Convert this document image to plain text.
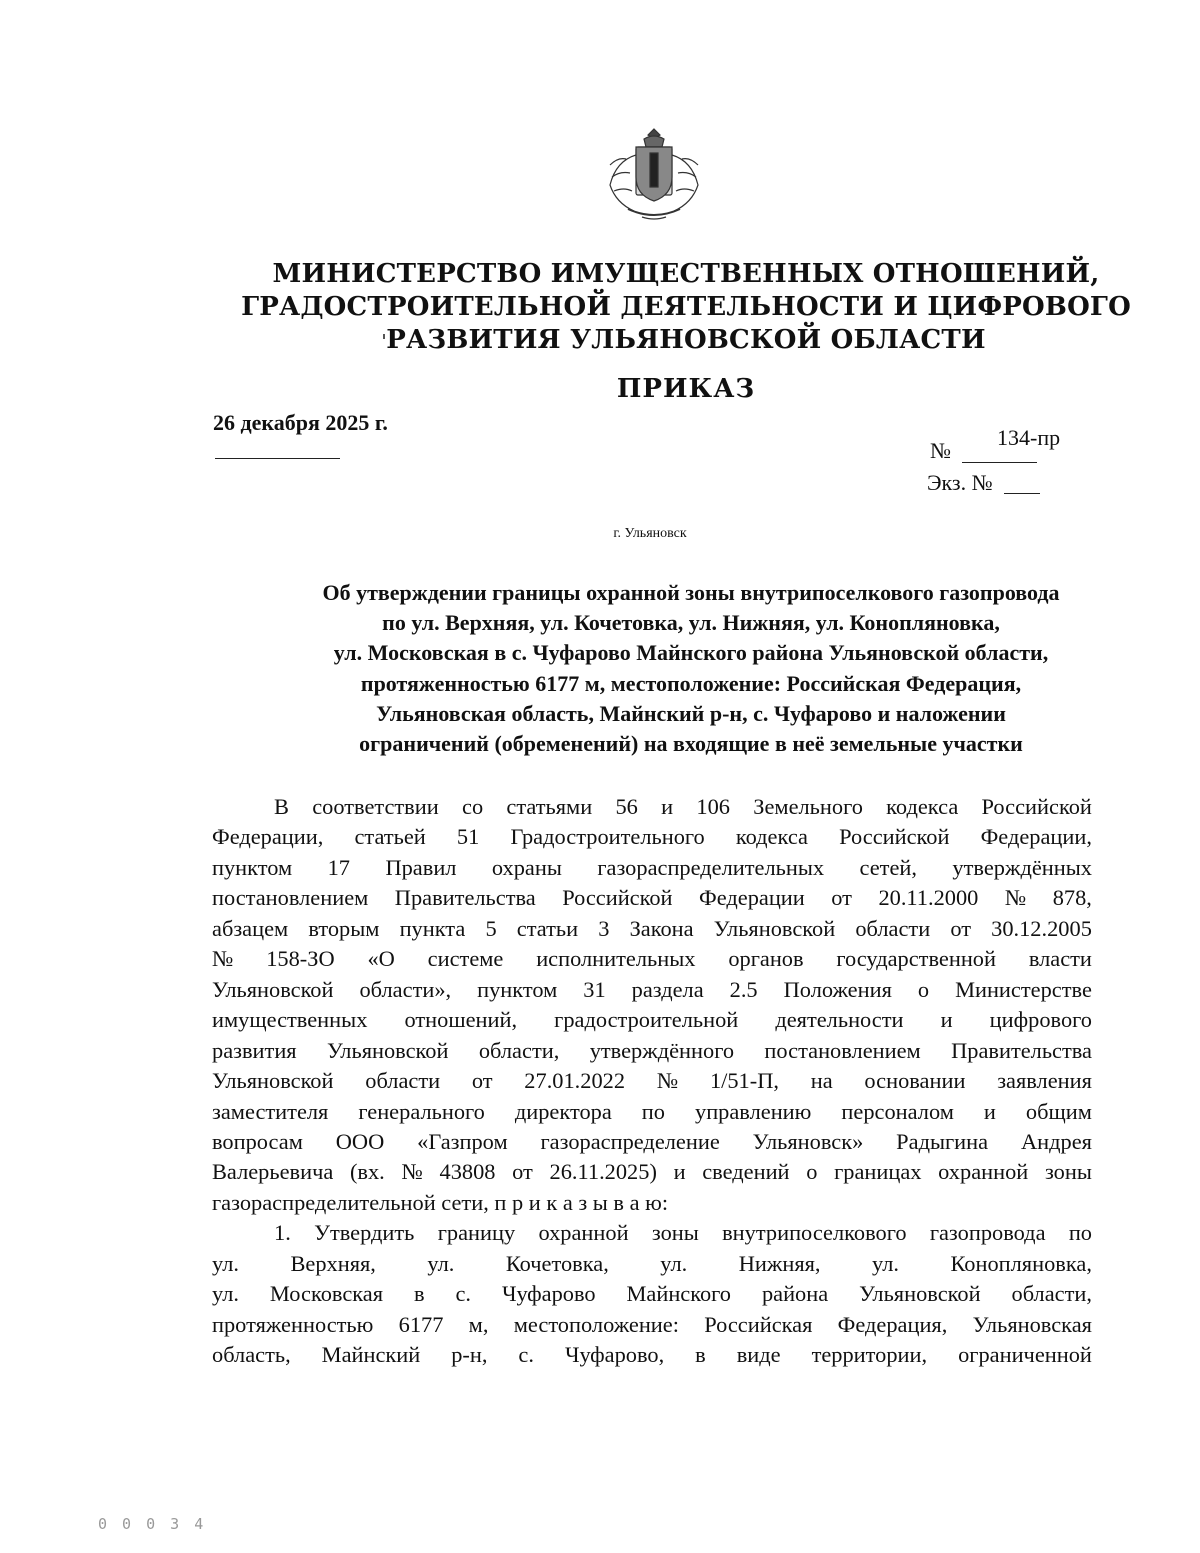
МИНИСТЕРСТВО ИМУЩЕСТВЕННЫХ ОТНОШЕНИЙ,
ГРАДОСТРОИТЕЛЬНОЙ ДЕЯТЕЛЬНОСТИ И ЦИФРОВОГО
РАЗВИТИЯ УЛЬЯНОВСКОЙ ОБЛАСТИ
ПРИКАЗ
26 декабря 2025 г.
№
134-пр
Экз. №
г. Ульяновск
Об утверждении границы охранной зоны внутрипоселкового газопровода
по ул. Верхняя, ул. Кочетовка, ул. Нижняя, ул. Конопляновка,
ул. Московская в с. Чуфарово Майнского района Ульяновской области,
протяженностью 6177 м, местоположение: Российская Федерация,
Ульяновская область, Майнский р-н, с. Чуфарово и наложении
ограничений (обременений) на входящие в неё земельные участки
В соответствии со статьями 56 и 106 Земельного кодекса Российской
Федерации, статьей 51 Градостроительного кодекса Российской Федерации,
пунктом 17 Правил охраны газораспределительных сетей, утверждённых
постановлением Правительства Российской Федерации от 20.11.2000 № 878,
абзацем вторым пункта 5 статьи 3 Закона Ульяновской области от 30.12.2005
№ 158-ЗО «О системе исполнительных органов государственной власти
Ульяновской области», пунктом 31 раздела 2.5 Положения о Министерстве
имущественных отношений, градостроительной деятельности и цифрового
развития Ульяновской области, утверждённого постановлением Правительства
Ульяновской области от 27.01.2022 № 1/51-П, на основании заявления
заместителя генерального директора по управлению персоналом и общим
вопросам ООО «Газпром газораспределение Ульяновск» Радыгина Андрея
Валерьевича (вх. № 43808 от 26.11.2025) и сведений о границах охранной зоны
газораспределительной сети, п р и к а з ы в а ю:
1. Утвердить границу охранной зоны внутрипоселкового газопровода по
ул. Верхняя, ул. Кочетовка, ул. Нижняя, ул. Конопляновка,
ул. Московская в с. Чуфарово Майнского района Ульяновской области,
протяженностью 6177 м, местоположение: Российская Федерация, Ульяновская
область, Майнский р-н, с. Чуфарово, в виде территории, ограниченной
0 0 0 3 4
